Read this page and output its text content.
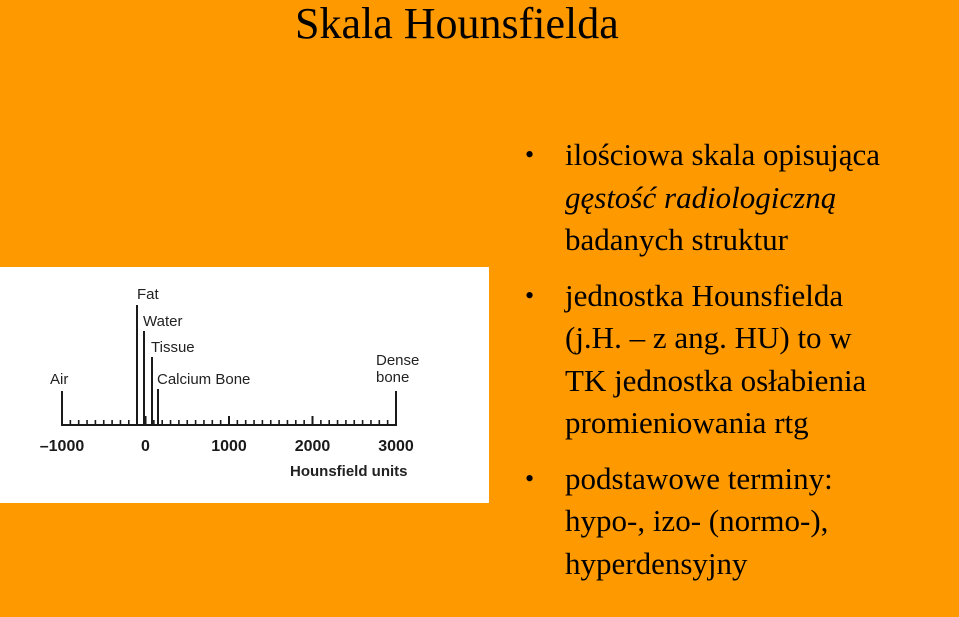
Skala Hounsfielda
• ilościowa skala opisująca
gęstość radiologiczną
badanych struktur
• jednostka Hounsfielda
(j.H. – z ang. HU) to w
TK jednostka osłabienia
promieniowania rtg
• podstawowe terminy:
hypo-, izo- (normo-),
hyperdensyjny
Hounsfield units
–1000	0	1000	2000	3000
Air
Fat
Water
Tissue
Calcium Bone
Dense
bone
